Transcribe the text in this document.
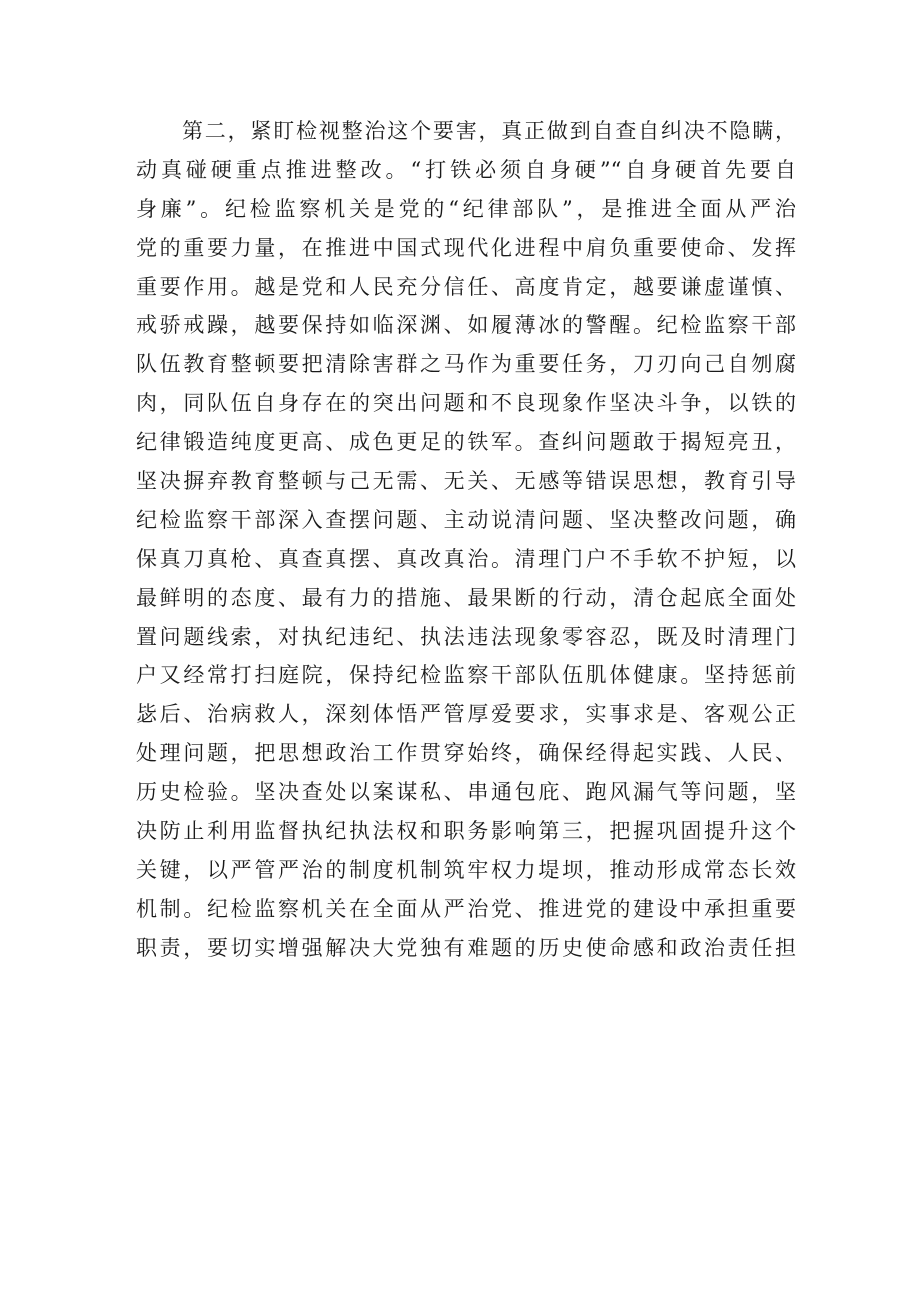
第二，紧盯检视整治这个要害，真正做到自查自纠决不隐瞒，
动真碰硬重点推进整改。“打铁必须自身硬”“自身硬首先要自
身廉”。纪检监察机关是党的“纪律部队”，是推进全面从严治
党的重要力量，在推进中国式现代化进程中肩负重要使命、发挥
重要作用。越是党和人民充分信任、高度肯定，越要谦虚谨慎、
戒骄戒躁，越要保持如临深渊、如履薄冰的警醒。纪检监察干部
队伍教育整顿要把清除害群之马作为重要任务，刀刃向己自刎腐
肉，同队伍自身存在的突出问题和不良现象作坚决斗争，以铁的
纪律锻造纯度更高、成色更足的铁军。查纠问题敢于揭短亮丑，
坚决摒弃教育整顿与己无需、无关、无感等错误思想，教育引导
纪检监察干部深入查摆问题、主动说清问题、坚决整改问题，确
保真刀真枪、真查真摆、真改真治。清理门户不手软不护短，以
最鲜明的态度、最有力的措施、最果断的行动，清仓起底全面处
置问题线索，对执纪违纪、执法违法现象零容忍，既及时清理门
户又经常打扫庭院，保持纪检监察干部队伍肌体健康。坚持惩前
毖后、治病救人，深刻体悟严管厚爱要求，实事求是、客观公正
处理问题，把思想政治工作贯穿始终，确保经得起实践、人民、
历史检验。坚决查处以案谋私、串通包庇、跑风漏气等问题，坚
决防止利用监督执纪执法权和职务影响第三，把握巩固提升这个
关键，以严管严治的制度机制筑牢权力堤坝，推动形成常态长效
机制。纪检监察机关在全面从严治党、推进党的建设中承担重要
职责，要切实增强解决大党独有难题的历史使命感和政治责任担
